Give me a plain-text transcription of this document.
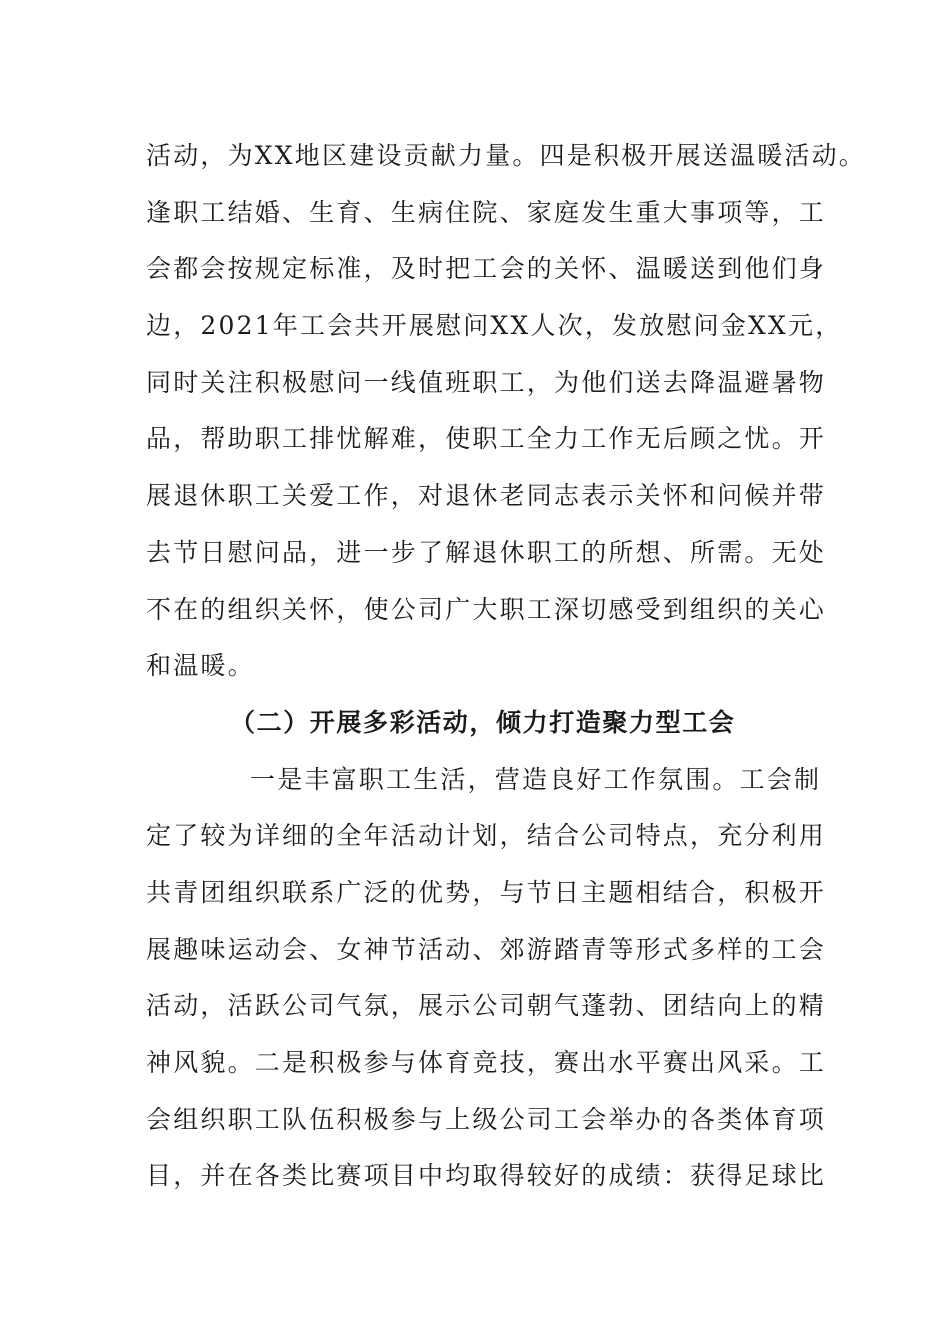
活动，为XX地区建设贡献力量。四是积极开展送温暖活动。
逢职工结婚、生育、生病住院、家庭发生重大事项等，工
会都会按规定标准，及时把工会的关怀、温暖送到他们身
边，2021年工会共开展慰问XX人次，发放慰问金XX元，
同时关注积极慰问一线值班职工，为他们送去降温避暑物
品，帮助职工排忧解难，使职工全力工作无后顾之忧。开
展退休职工关爱工作，对退休老同志表示关怀和问候并带
去节日慰问品，进一步了解退休职工的所想、所需。无处
不在的组织关怀，使公司广大职工深切感受到组织的关心
和温暖。
（二）开展多彩活动，倾力打造聚力型工会
一是丰富职工生活，营造良好工作氛围。工会制
定了较为详细的全年活动计划，结合公司特点，充分利用
共青团组织联系广泛的优势，与节日主题相结合，积极开
展趣味运动会、女神节活动、郊游踏青等形式多样的工会
活动，活跃公司气氛，展示公司朝气蓬勃、团结向上的精
神风貌。二是积极参与体育竞技，赛出水平赛出风采。工
会组织职工队伍积极参与上级公司工会举办的各类体育项
目，并在各类比赛项目中均取得较好的成绩：获得足球比
